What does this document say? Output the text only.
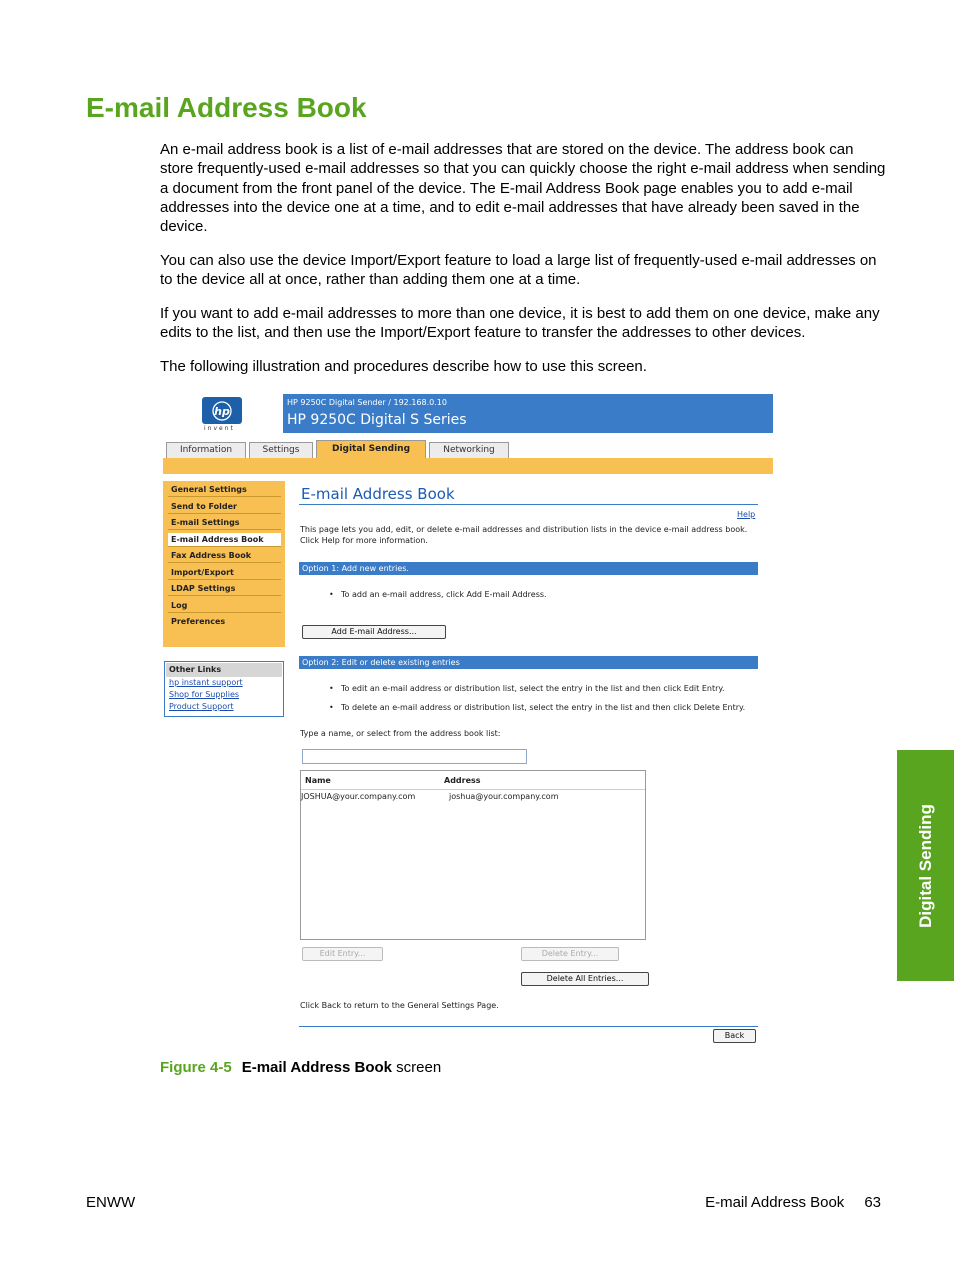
E-mail Address Book
An e-mail address book is a list of e-mail addresses that are stored on the device. The address book can store frequently-used e-mail addresses so that you can quickly choose the right e-mail address when sending a document from the front panel of the device. The E-mail Address Book page enables you to add e-mail addresses into the device one at a time, and to edit e-mail addresses that have already been saved in the device.
You can also use the device Import/Export feature to load a large list of frequently-used e-mail addresses on to the device all at once, rather than adding them one at a time.
If you want to add e-mail addresses to more than one device, it is best to add them on one device, make any edits to the list, and then use the Import/Export feature to transfer the addresses to other devices.
The following illustration and procedures describe how to use this screen.
Digital Sending
hp
invent
HP 9250C Digital Sender / 192.168.0.10
HP 9250C Digital S Series
Information	Settings	Digital Sending	Networking
General Settings
Send to Folder
E-mail Settings
E-mail Address Book
Fax Address Book
Import/Export
LDAP Settings
Log
Preferences
Other Links
hp instant support
Shop for Supplies
Product Support
E-mail Address Book
Help
This page lets you add, edit, or delete e-mail addresses and distribution lists in the device e-mail address book.
Click Help for more information.
Option 1: Add new entries.
• To add an e-mail address, click Add E-mail Address.
Add E-mail Address...
Option 2: Edit or delete existing entries
• To edit an e-mail address or distribution list, select the entry in the list and then click Edit Entry.
• To delete an e-mail address or distribution list, select the entry in the list and then click Delete Entry.
Type a name, or select from the address book list:
Name	Address
JOSHUA@your.company.com	joshua@your.company.com
Edit Entry...	Delete Entry...
Delete All Entries...
Click Back to return to the General Settings Page.
Back
Figure 4-5 E-mail Address Book screen
ENWW	E-mail Address Book 63
